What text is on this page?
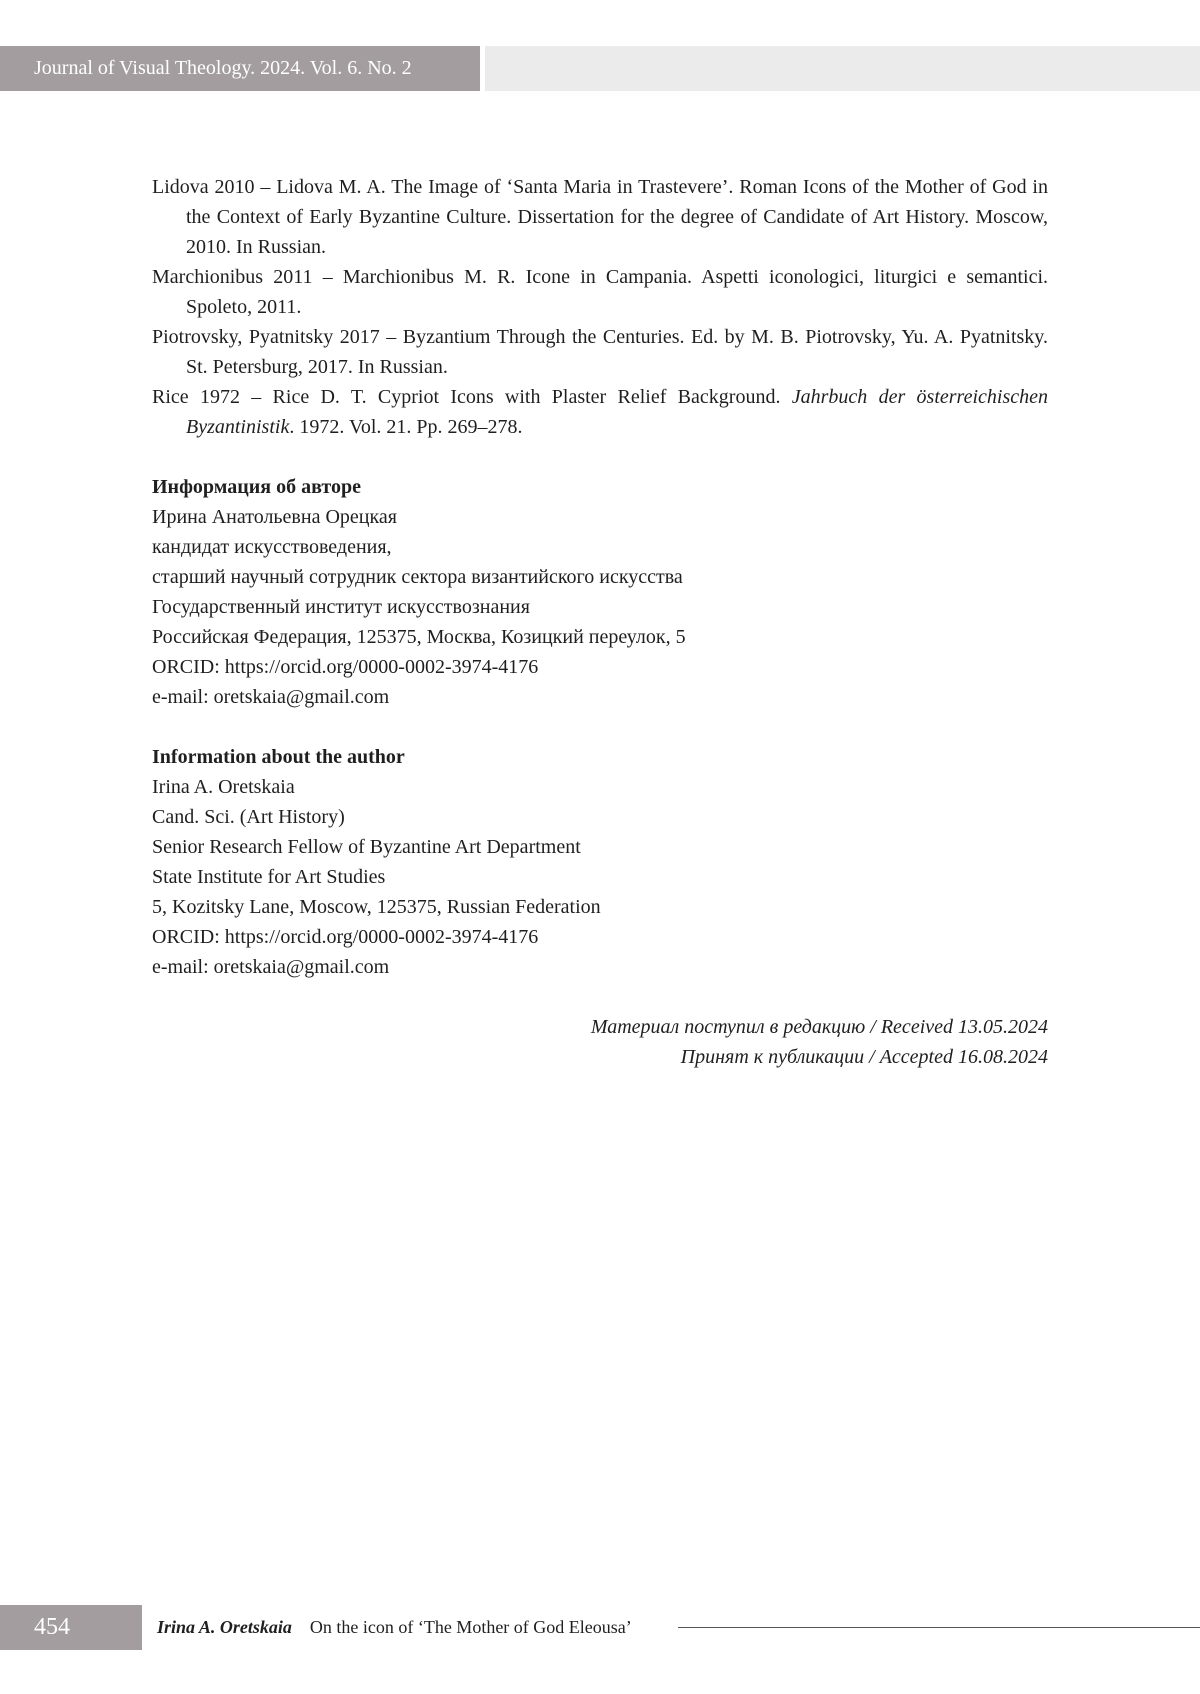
Journal of Visual Theology. 2024. Vol. 6. No. 2
Lidova 2010 – Lidova M. A. The Image of ‘Santa Maria in Trastevere’. Roman Icons of the Mother of God in the Context of Early Byzantine Culture. Dissertation for the degree of Candidate of Art History. Moscow, 2010. In Russian.
Marchionibus 2011 – Marchionibus M. R. Icone in Campania. Aspetti iconologici, liturgici e semantici. Spoleto, 2011.
Piotrovsky, Pyatnitsky 2017 – Byzantium Through the Centuries. Ed. by M. B. Piotrovsky, Yu. A. Pyatnitsky. St. Petersburg, 2017. In Russian.
Rice 1972 – Rice D. T. Cypriot Icons with Plaster Relief Background. Jahrbuch der österreichischen Byzantinistik. 1972. Vol. 21. Pp. 269–278.
Информация об авторе
Ирина Анатольевна Орецкая
кандидат искусствоведения,
старший научный сотрудник сектора византийского искусства
Государственный институт искусствознания
Российская Федерация, 125375, Москва, Козицкий переулок, 5
ORCID: https://orcid.org/0000-0002-3974-4176
e-mail: oretskaia@gmail.com
Information about the author
Irina A. Oretskaia
Cand. Sci. (Art History)
Senior Research Fellow of Byzantine Art Department
State Institute for Art Studies
5, Kozitsky Lane, Moscow, 125375, Russian Federation
ORCID: https://orcid.org/0000-0002-3974-4176
e-mail: oretskaia@gmail.com
Материал поступил в редакцию / Received 13.05.2024
Принят к публикации / Accepted 16.08.2024
454	Irina A. Oretskaia On the icon of ‘The Mother of God Eleousa’
